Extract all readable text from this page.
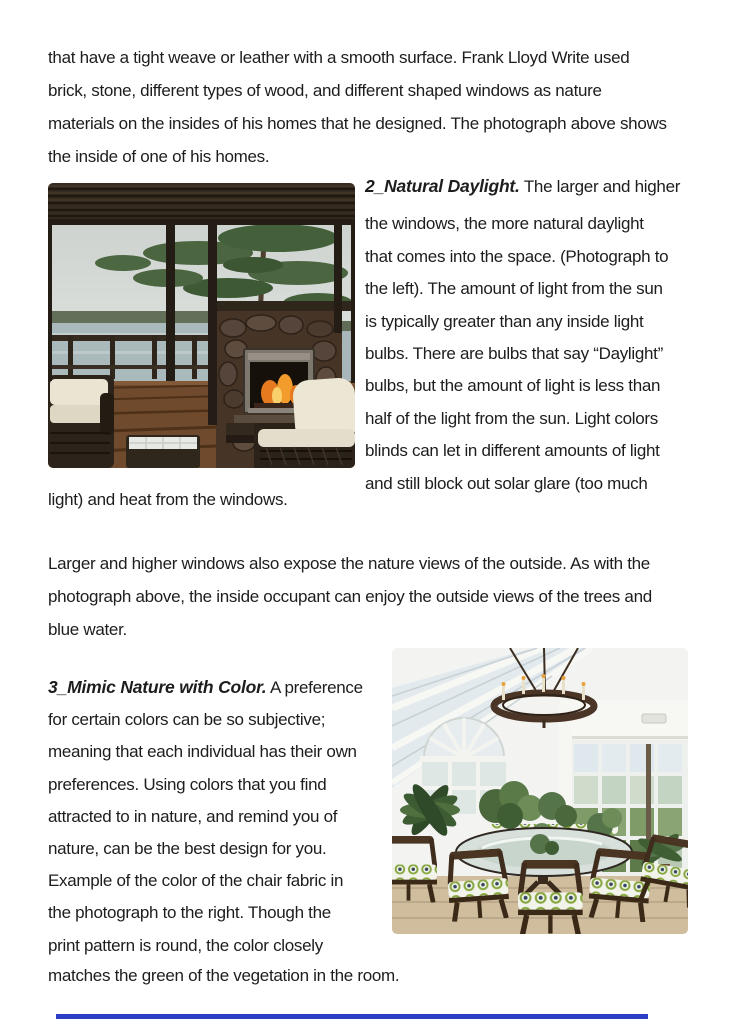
that have a tight weave or leather with a smooth surface. Frank Lloyd Write used
brick, stone, different types of wood, and different shaped windows as nature
materials on the insides of his homes that he designed. The photograph above shows
the inside of one of his homes.
2_Natural Daylight. The larger and higher
the windows, the more natural daylight
that comes into the space. (Photograph to
the left). The amount of light from the sun
is typically greater than any inside light
bulbs. There are bulbs that say “Daylight”
bulbs, but the amount of light is less than
half of the light from the sun. Light colors
blinds can let in different amounts of light
and still block out solar glare (too much
light) and heat from the windows.
Larger and higher windows also expose the nature views of the outside. As with the
photograph above, the inside occupant can enjoy the outside views of the trees and
blue water.
3_Mimic Nature with Color. A preference
for certain colors can be so subjective;
meaning that each individual has their own
preferences. Using colors that you find
attracted to in nature, and remind you of
nature, can be the best design for you.
Example of the color of the chair fabric in
the photograph to the right. Though the
print pattern is round, the color closely
matches the green of the vegetation in the room.
